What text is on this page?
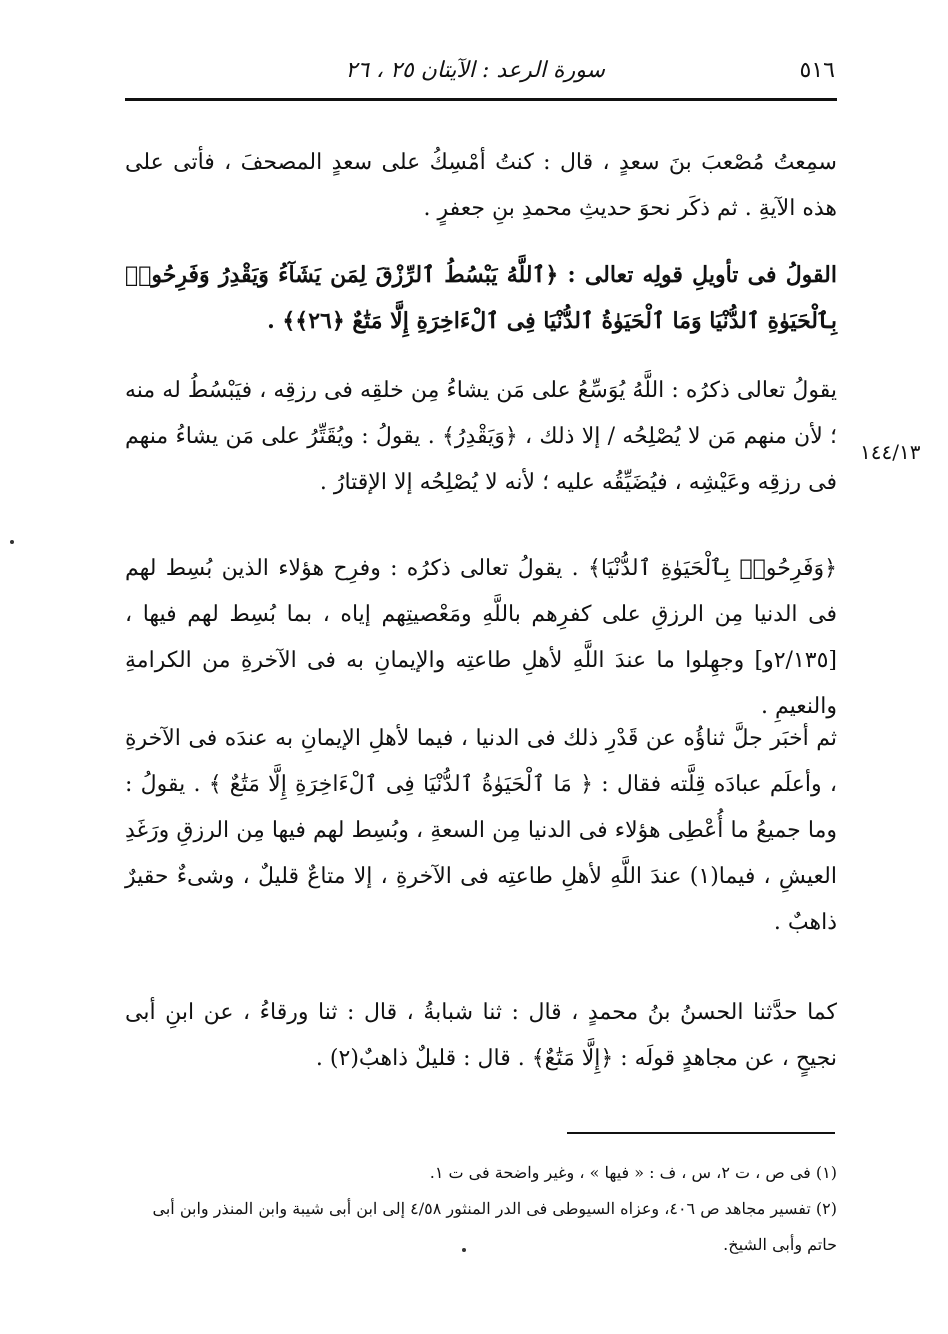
٥١٦
سورة الرعد : الآيتان ٢٥ ، ٢٦
١٤٤/١٣

سمِعتُ مُصْعبَ بنَ سعدٍ ، قال : كنتُ أمْسِكُ على سعدٍ المصحفَ ، فأتى على هذه الآيةِ . ثم ذكَر نحوَ حديثِ محمدِ بنِ جعفرٍ .

القولُ فى تأويلِ قولِه تعالى : ﴿ٱللَّهُ يَبْسُطُ ٱلرِّزْقَ لِمَن يَشَآءُ وَيَقْدِرُ وَفَرِحُوا۟ بِٱلْحَيَوٰةِ ٱلدُّنْيَا وَمَا ٱلْحَيَوٰةُ ٱلدُّنْيَا فِى ٱلْءَاخِرَةِ إِلَّا مَتَٰعٌ ﴿٢٦﴾﴾ .

يقولُ تعالى ذكرُه : اللَّهُ يُوَسِّعُ على مَن يشاءُ مِن خلقِه فى رزقِه ، فيَبْسُطُ له منه ؛ لأن منهم مَن لا يُصْلِحُه / إلا ذلك ، ﴿وَيَقْدِرُ﴾ . يقولُ : ويُقَتِّرُ على مَن يشاءُ منهم فى رزقِه وعَيْشِه ، فيُضَيِّقُه عليه ؛ لأنه لا يُصْلِحُه إلا الإقتارُ .

﴿وَفَرِحُوا۟ بِٱلْحَيَوٰةِ ٱلدُّنْيَا﴾ . يقولُ تعالى ذكرُه : وفرِح هؤلاء الذين بُسِط لهم فى الدنيا مِن الرزقِ على كفرِهم باللَّهِ ومَعْصيتِهم إياه ، بما بُسِط لهم فيها ، [٢/١٣٥و] وجهِلوا ما عندَ اللَّهِ لأهلِ طاعتِه والإيمانِ به فى الآخرةِ من الكرامةِ والنعيمِ .

ثم أخبَر جلَّ ثناؤُه عن قَدْرِ ذلك فى الدنيا ، فيما لأهلِ الإيمانِ به عندَه فى الآخرةِ ، وأعلَم عبادَه قِلَّته فقال : ﴿ مَا ٱلْحَيَوٰةُ ٱلدُّنْيَا فِى ٱلْءَاخِرَةِ إِلَّا مَتَٰعٌ ﴾ . يقولُ : وما جميعُ ما أُعْطِى هؤلاء فى الدنيا مِن السعةِ ، وبُسِط لهم فيها مِن الرزقِ ورَغَدِ العيشِ ، فيما(١) عندَ اللَّهِ لأهلِ طاعتِه فى الآخرةِ ، إلا متاعٌ قليلٌ ، وشىءٌ حقيرٌ ذاهبٌ .

كما حدَّثنا الحسنُ بنُ محمدٍ ، قال : ثنا شبابةُ ، قال : ثنا ورقاءُ ، عن ابنِ أبى نجيحٍ ، عن مجاهدٍ قولَه : ﴿إِلَّا مَتَٰعٌ﴾ . قال : قليلٌ ذاهبٌ(٢) .

(١) فى ص ، ت ٢، س ، ف : « فيها » ، وغير واضحة فى ت ١.
(٢) تفسير مجاهد ص ٤٠٦، وعزاه السيوطى فى الدر المنثور ٤/٥٨ إلى ابن أبى شيبة وابن المنذر وابن أبى حاتم وأبى الشيخ.
